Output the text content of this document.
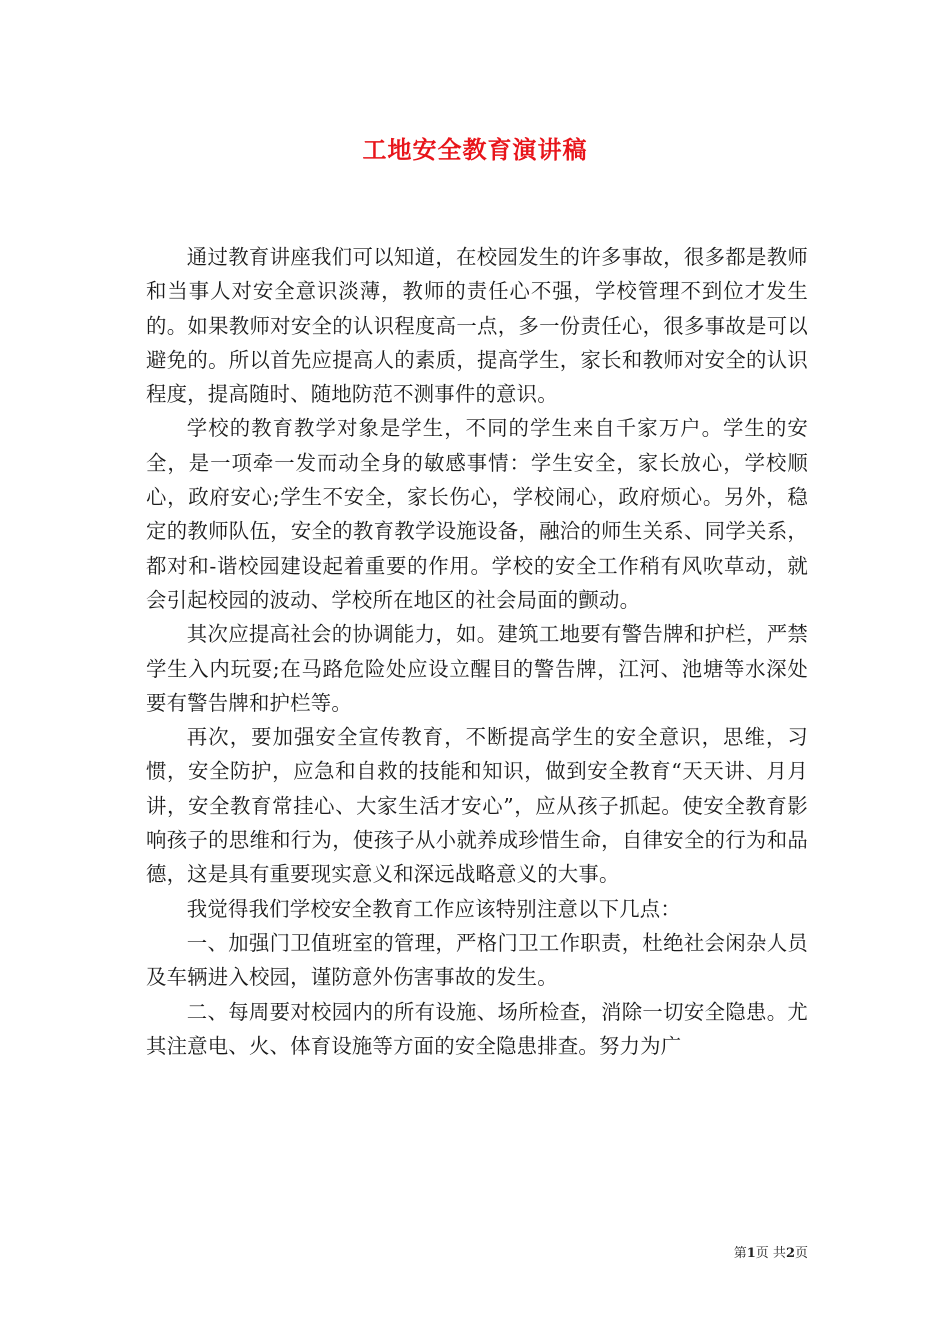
工地安全教育演讲稿

通过教育讲座我们可以知道，在校园发生的许多事故，很多都是教师和当事人对安全意识淡薄，教师的责任心不强，学校管理不到位才发生的。如果教师对安全的认识程度高一点，多一份责任心，很多事故是可以避免的。所以首先应提高人的素质，提高学生，家长和教师对安全的认识程度，提高随时、随地防范不测事件的意识。

学校的教育教学对象是学生，不同的学生来自千家万户。学生的安全，是一项牵一发而动全身的敏感事情：学生安全，家长放心，学校顺心，政府安心;学生不安全，家长伤心，学校闹心，政府烦心。另外，稳定的教师队伍，安全的教育教学设施设备，融洽的师生关系、同学关系，都对和-谐校园建设起着重要的作用。学校的安全工作稍有风吹草动，就会引起校园的波动、学校所在地区的社会局面的颤动。

其次应提高社会的协调能力，如。建筑工地要有警告牌和护栏，严禁学生入内玩耍;在马路危险处应设立醒目的警告牌，江河、池塘等水深处要有警告牌和护栏等。

再次，要加强安全宣传教育，不断提高学生的安全意识，思维，习惯，安全防护，应急和自救的技能和知识，做到安全教育“天天讲、月月讲，安全教育常挂心、大家生活才安心”，应从孩子抓起。使安全教育影响孩子的思维和行为，使孩子从小就养成珍惜生命，自律安全的行为和品德，这是具有重要现实意义和深远战略意义的大事。

我觉得我们学校安全教育工作应该特别注意以下几点：

一、加强门卫值班室的管理，严格门卫工作职责，杜绝社会闲杂人员及车辆进入校园，谨防意外伤害事故的发生。

二、每周要对校园内的所有设施、场所检查，消除一切安全隐患。尤其注意电、火、体育设施等方面的安全隐患排查。努力为广

第1页 共2页
